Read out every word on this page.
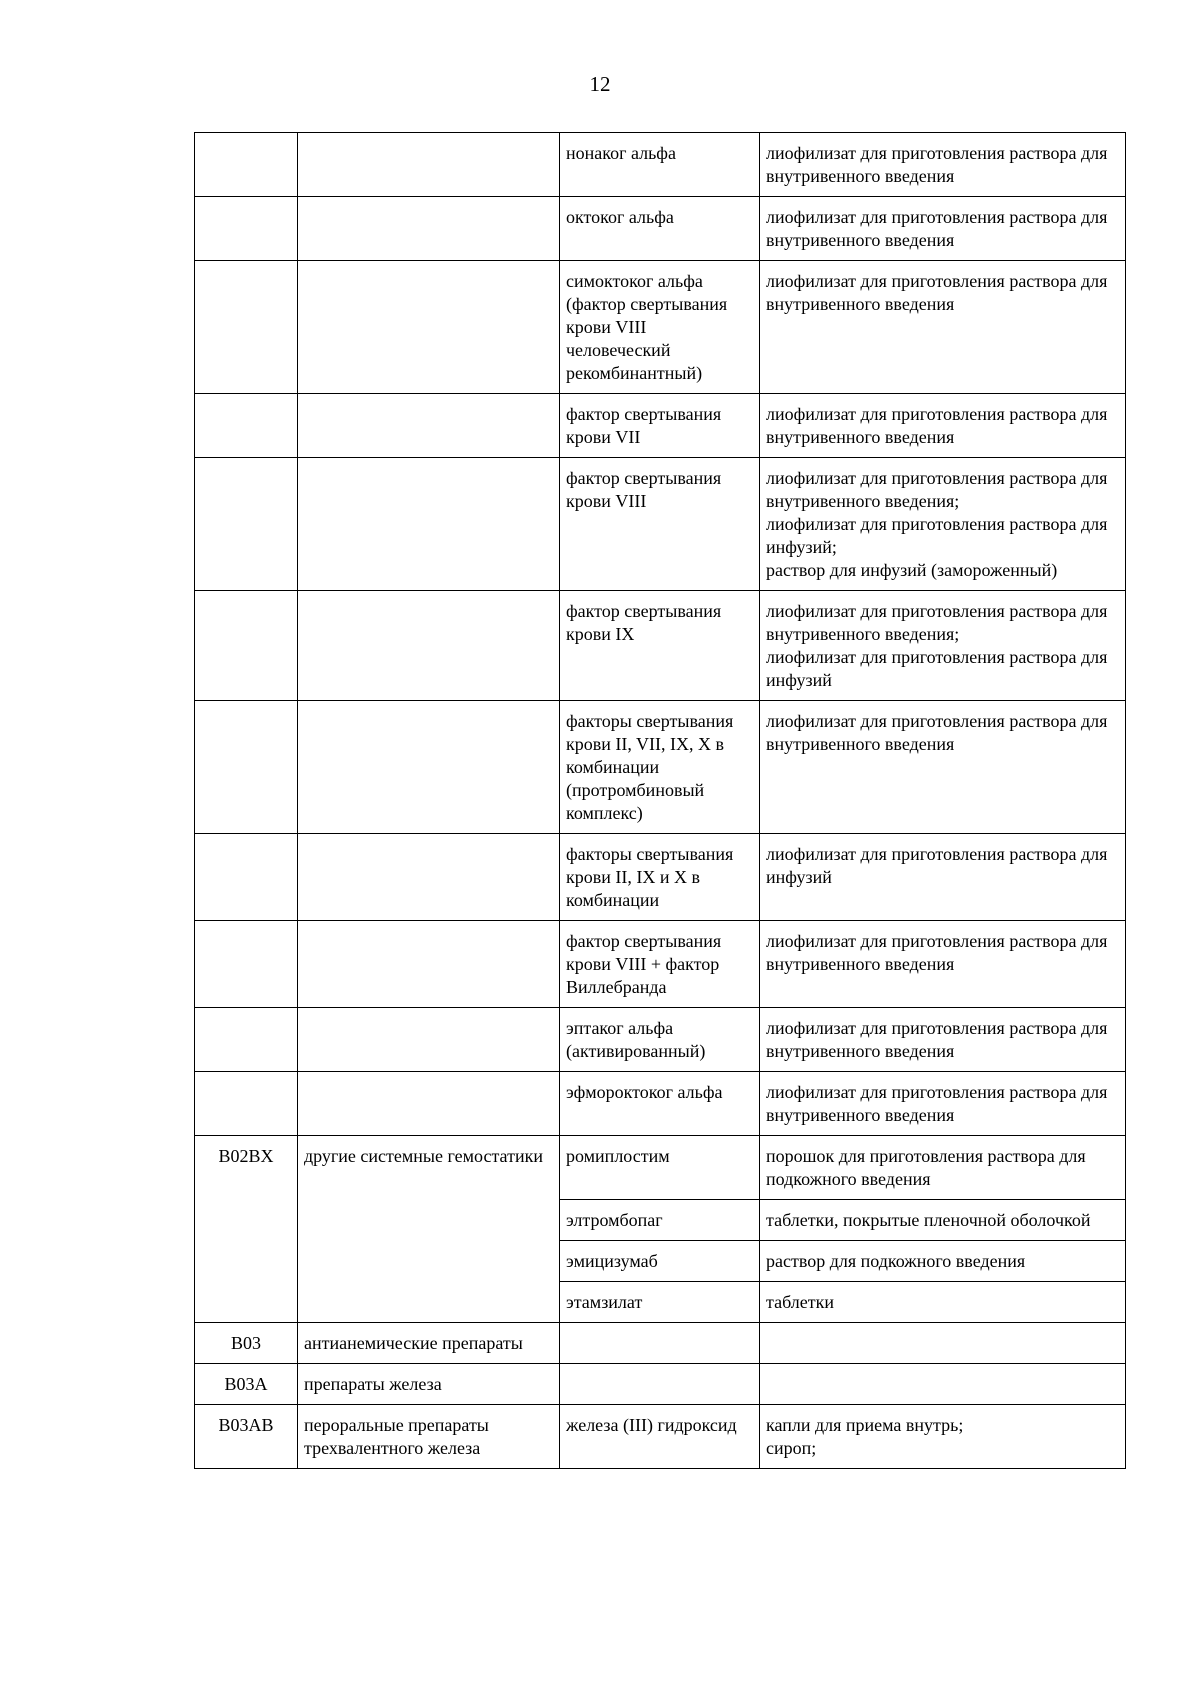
12
		нонаког альфа	лиофилизат для приготовления раствора для внутривенного введения
		октоког альфа	лиофилизат для приготовления раствора для внутривенного введения
		симоктоког альфа (фактор свертывания крови VIII человеческий рекомбинантный)	лиофилизат для приготовления раствора для внутривенного введения
		фактор свертывания крови VII	лиофилизат для приготовления раствора для внутривенного введения
		фактор свертывания крови VIII	лиофилизат для приготовления раствора для внутривенного введения;
лиофилизат для приготовления раствора для инфузий;
раствор для инфузий (замороженный)
		фактор свертывания крови IX	лиофилизат для приготовления раствора для внутривенного введения;
лиофилизат для приготовления раствора для инфузий
		факторы свертывания крови II, VII, IX, X в комбинации (протромбиновый комплекс)	лиофилизат для приготовления раствора для внутривенного введения
		факторы свертывания крови II, IX и X в комбинации	лиофилизат для приготовления раствора для инфузий
		фактор свертывания крови VIII + фактор Виллебранда	лиофилизат для приготовления раствора для внутривенного введения
		эптаког альфа (активированный)	лиофилизат для приготовления раствора для внутривенного введения
		эфмороктоког альфа	лиофилизат для приготовления раствора для внутривенного введения
B02BX	другие системные гемостатики	ромиплостим	порошок для приготовления раствора для подкожного введения
		элтромбопаг	таблетки, покрытые пленочной оболочкой
		эмицизумаб	раствор для подкожного введения
		этамзилат	таблетки
B03	антианемические препараты		
B03A	препараты железа		
B03AB	пероральные препараты трехвалентного железа	железа (III) гидроксид	капли для приема внутрь;
сироп;
